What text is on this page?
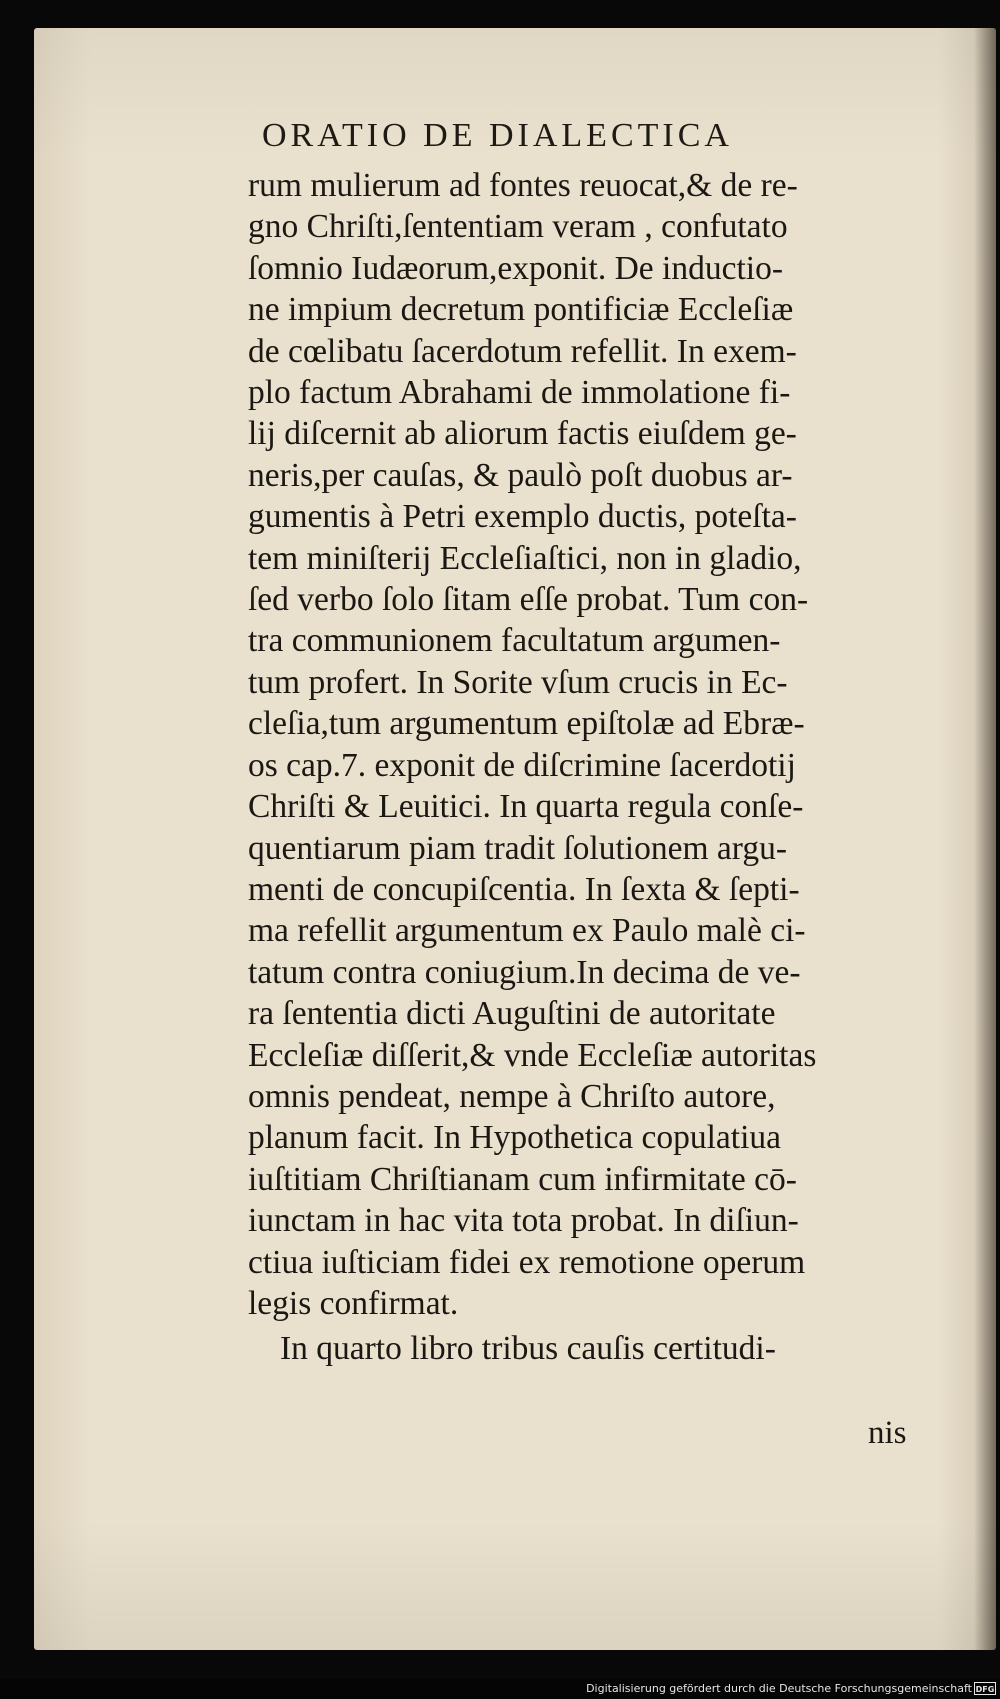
ORATIO DE DIALECTICA
rum mulierum ad fontes reuocat,& de re-
gno Chriſti,ſententiam veram , confutato
ſomnio Iudæorum,exponit. De inductio-
ne impium decretum pontificiæ Eccleſiæ
de cœlibatu ſacerdotum refellit. In exem-
plo factum Abrahami de immolatione fi-
lij diſcernit ab aliorum factis eiuſdem ge-
neris,per cauſas, & paulò poſt duobus ar-
gumentis à Petri exemplo ductis, poteſta-
tem miniſterij Eccleſiaſtici, non in gladio,
ſed verbo ſolo ſitam eſſe probat. Tum con-
tra communionem facultatum argumen-
tum profert. In Sorite vſum crucis in Ec-
cleſia,tum argumentum epiſtolæ ad Ebræ-
os cap.7. exponit de diſcrimine ſacerdotij
Chriſti & Leuitici. In quarta regula conſe-
quentiarum piam tradit ſolutionem argu-
menti de concupiſcentia. In ſexta & ſepti-
ma refellit argumentum ex Paulo malè ci-
tatum contra coniugium.In decima de ve-
ra ſententia dicti Auguſtini de autoritate
Eccleſiæ diſſerit,& vnde Eccleſiæ autoritas
omnis pendeat, nempe à Chriſto autore,
planum facit. In Hypothetica copulatiua
iuſtitiam Chriſtianam cum infirmitate cō-
iunctam in hac vita tota probat. In diſiun-
ctiua iuſticiam fidei ex remotione operum
legis confirmat.
In quarto libro tribus cauſis certitudi-
nis
Digitalisierung gefördert durch die Deutsche Forschungsgemeinschaft DFG
